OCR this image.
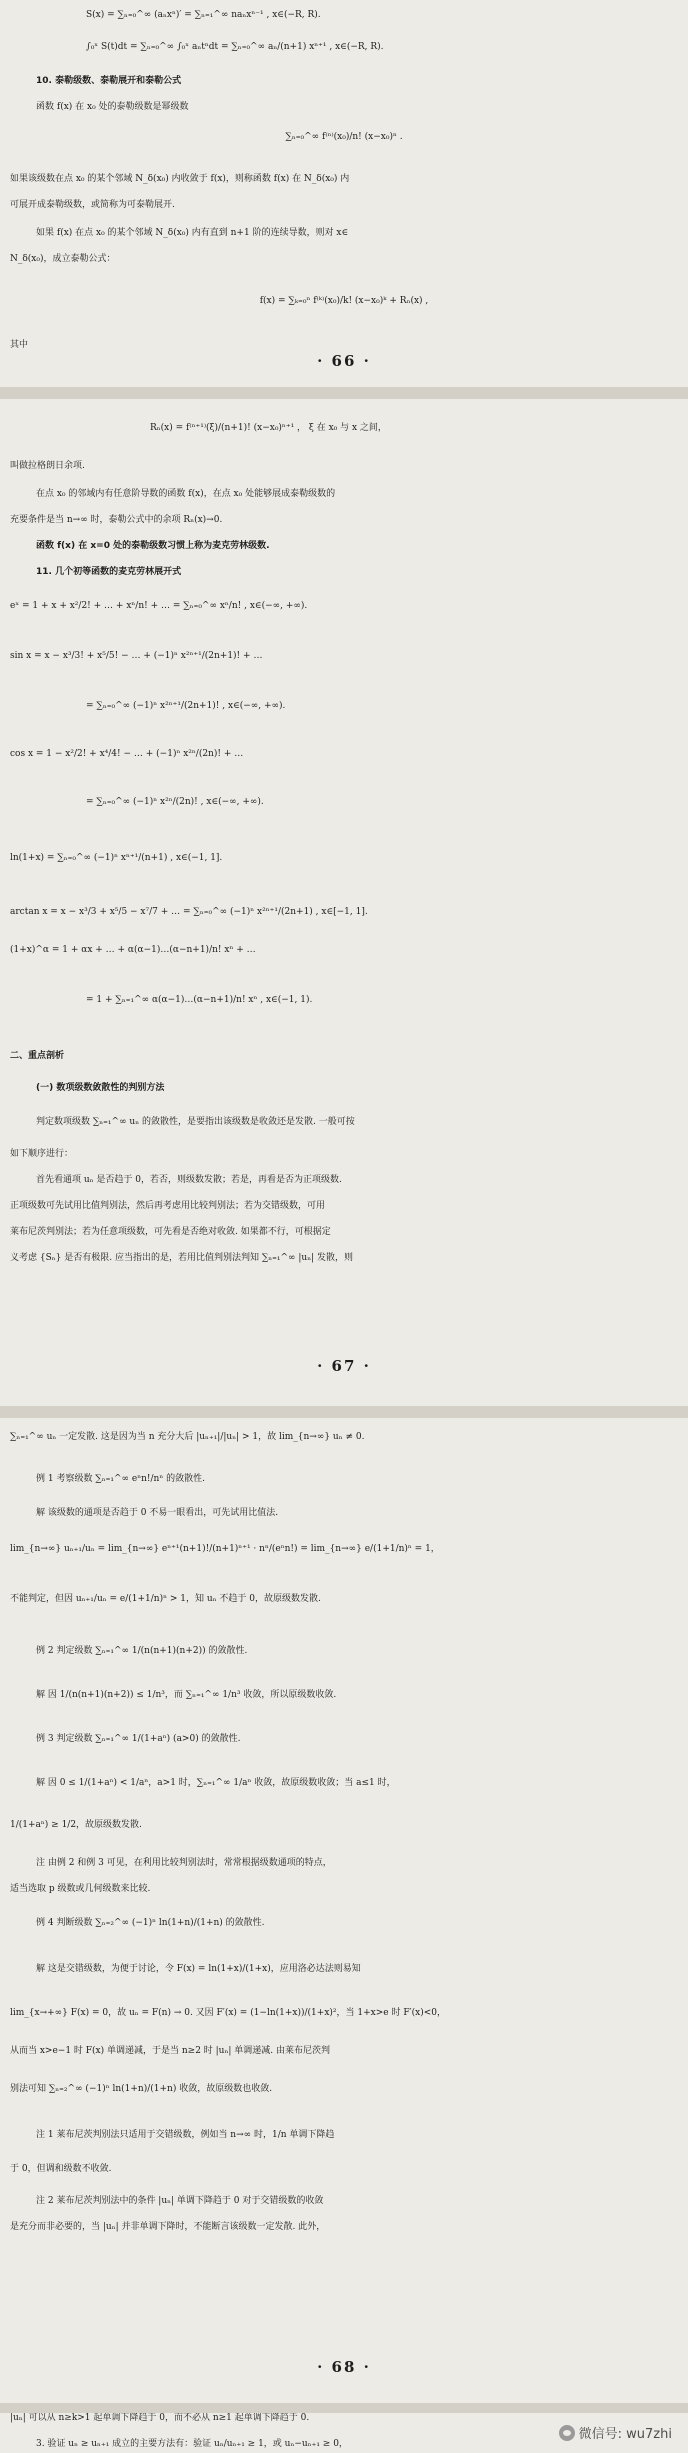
S(x) = ∑ₙ₌₀^∞ (aₙxⁿ)′ = ∑ₙ₌₁^∞ naₙxⁿ⁻¹ , x∈(−R, R).
∫₀ˣ S(t)dt = ∑ₙ₌₀^∞ ∫₀ˣ aₙtⁿdt = ∑ₙ₌₀^∞ aₙ/(n+1) xⁿ⁺¹ , x∈(−R, R).
10. 泰勒级数、泰勒展开和泰勒公式
函数 f(x) 在 x₀ 处的泰勒级数是幂级数
∑ₙ₌₀^∞ f⁽ⁿ⁾(x₀)/n! (x−x₀)ⁿ .
如果该级数在点 x₀ 的某个邻域 N_δ(x₀) 内收敛于 f(x)，则称函数 f(x) 在 N_δ(x₀) 内
可展开成泰勒级数，或简称为可泰勒展开.
如果 f(x) 在点 x₀ 的某个邻域 N_δ(x₀) 内有直到 n+1 阶的连续导数，则对 x∈
N_δ(x₀)，成立泰勒公式：
f(x) = ∑ₖ₌₀ⁿ f⁽ᵏ⁾(x₀)/k! (x−x₀)ᵏ + Rₙ(x) ,
其中
· 66 ·
Rₙ(x) = f⁽ⁿ⁺¹⁾(ξ)/(n+1)! (x−x₀)ⁿ⁺¹ ， ξ 在 x₀ 与 x 之间，
叫做拉格朗日余项.
在点 x₀ 的邻域内有任意阶导数的函数 f(x)，在点 x₀ 处能够展成泰勒级数的
充要条件是当 n→∞ 时，泰勒公式中的余项 Rₙ(x)→0.
函数 f(x) 在 x=0 处的泰勒级数习惯上称为麦克劳林级数.
11. 几个初等函数的麦克劳林展开式
eˣ = 1 + x + x²/2! + … + xⁿ/n! + … = ∑ₙ₌₀^∞ xⁿ/n! , x∈(−∞, +∞).
sin x = x − x³/3! + x⁵/5! − … + (−1)ⁿ x²ⁿ⁺¹/(2n+1)! + …
= ∑ₙ₌₀^∞ (−1)ⁿ x²ⁿ⁺¹/(2n+1)! , x∈(−∞, +∞).
cos x = 1 − x²/2! + x⁴/4! − … + (−1)ⁿ x²ⁿ/(2n)! + …
= ∑ₙ₌₀^∞ (−1)ⁿ x²ⁿ/(2n)! , x∈(−∞, +∞).
ln(1+x) = ∑ₙ₌₀^∞ (−1)ⁿ xⁿ⁺¹/(n+1) , x∈(−1, 1].
arctan x = x − x³/3 + x⁵/5 − x⁷/7 + … = ∑ₙ₌₀^∞ (−1)ⁿ x²ⁿ⁺¹/(2n+1) , x∈[−1, 1].
(1+x)^α = 1 + αx + … + α(α−1)…(α−n+1)/n! xⁿ + …
= 1 + ∑ₙ₌₁^∞ α(α−1)…(α−n+1)/n! xⁿ , x∈(−1, 1).
二、重点剖析
(一) 数项级数敛散性的判别方法
判定数项级数 ∑ₙ₌₁^∞ uₙ 的敛散性，是要指出该级数是收敛还是发散. 一般可按
如下顺序进行：
首先看通项 uₙ 是否趋于 0，若否，则级数发散；若是，再看是否为正项级数.
正项级数可先试用比值判别法，然后再考虑用比较判别法；若为交错级数，可用
莱布尼茨判别法；若为任意项级数，可先看是否绝对收敛. 如果都不行，可根据定
义考虑 {Sₙ} 是否有极限. 应当指出的是，若用比值判别法判知 ∑ₙ₌₁^∞ |uₙ| 发散，则
· 67 ·
∑ₙ₌₁^∞ uₙ 一定发散. 这是因为当 n 充分大后 |uₙ₊₁|/|uₙ| > 1，故 lim_{n→∞} uₙ ≠ 0.
例 1 考察级数 ∑ₙ₌₁^∞ eⁿn!/nⁿ 的敛散性.
解 该级数的通项是否趋于 0 不易一眼看出，可先试用比值法.
lim_{n→∞} uₙ₊₁/uₙ = lim_{n→∞} eⁿ⁺¹(n+1)!/(n+1)ⁿ⁺¹ · nⁿ/(eⁿn!) = lim_{n→∞} e/(1+1/n)ⁿ = 1，
不能判定，但因 uₙ₊₁/uₙ = e/(1+1/n)ⁿ > 1，知 uₙ 不趋于 0，故原级数发散.
例 2 判定级数 ∑ₙ₌₁^∞ 1/(n(n+1)(n+2)) 的敛散性.
解 因 1/(n(n+1)(n+2)) ≤ 1/n³，而 ∑ₙ₌₁^∞ 1/n³ 收敛，所以原级数收敛.
例 3 判定级数 ∑ₙ₌₁^∞ 1/(1+aⁿ) (a>0) 的敛散性.
解 因 0 ≤ 1/(1+aⁿ) < 1/aⁿ，a>1 时，∑ₙ₌₁^∞ 1/aⁿ 收敛，故原级数收敛；当 a≤1 时，
1/(1+aⁿ) ≥ 1/2，故原级数发散.
注 由例 2 和例 3 可见，在利用比较判别法时，常常根据级数通项的特点，
适当选取 p 级数或几何级数来比较.
例 4 判断级数 ∑ₙ₌₂^∞ (−1)ⁿ ln(1+n)/(1+n) 的敛散性.
解 这是交错级数，为便于讨论，令 F(x) = ln(1+x)/(1+x)，应用洛必达法则易知
lim_{x→+∞} F(x) = 0，故 uₙ = F(n) → 0. 又因 F′(x) = (1−ln(1+x))/(1+x)²，当 1+x>e 时 F′(x)<0，
从而当 x>e−1 时 F(x) 单调递减，于是当 n≥2 时 |uₙ| 单调递减. 由莱布尼茨判
别法可知 ∑ₙ₌₂^∞ (−1)ⁿ ln(1+n)/(1+n) 收敛，故原级数也收敛.
注 1 莱布尼茨判别法只适用于交错级数，例如当 n→∞ 时，1/n 单调下降趋
于 0，但调和级数不收敛.
注 2 莱布尼茨判别法中的条件 |uₙ| 单调下降趋于 0 对于交错级数的收敛
是充分而非必要的，当 |uₙ| 并非单调下降时，不能断言该级数一定发散. 此外，
· 68 ·
|uₙ| 可以从 n≥k>1 起单调下降趋于 0，而不必从 n≥1 起单调下降趋于 0.
3. 验证 uₙ ≥ uₙ₊₁ 成立的主要方法有：验证 uₙ/uₙ₊₁ ≥ 1，或 uₙ−uₙ₊₁ ≥ 0，
微信号: wu7zhi
